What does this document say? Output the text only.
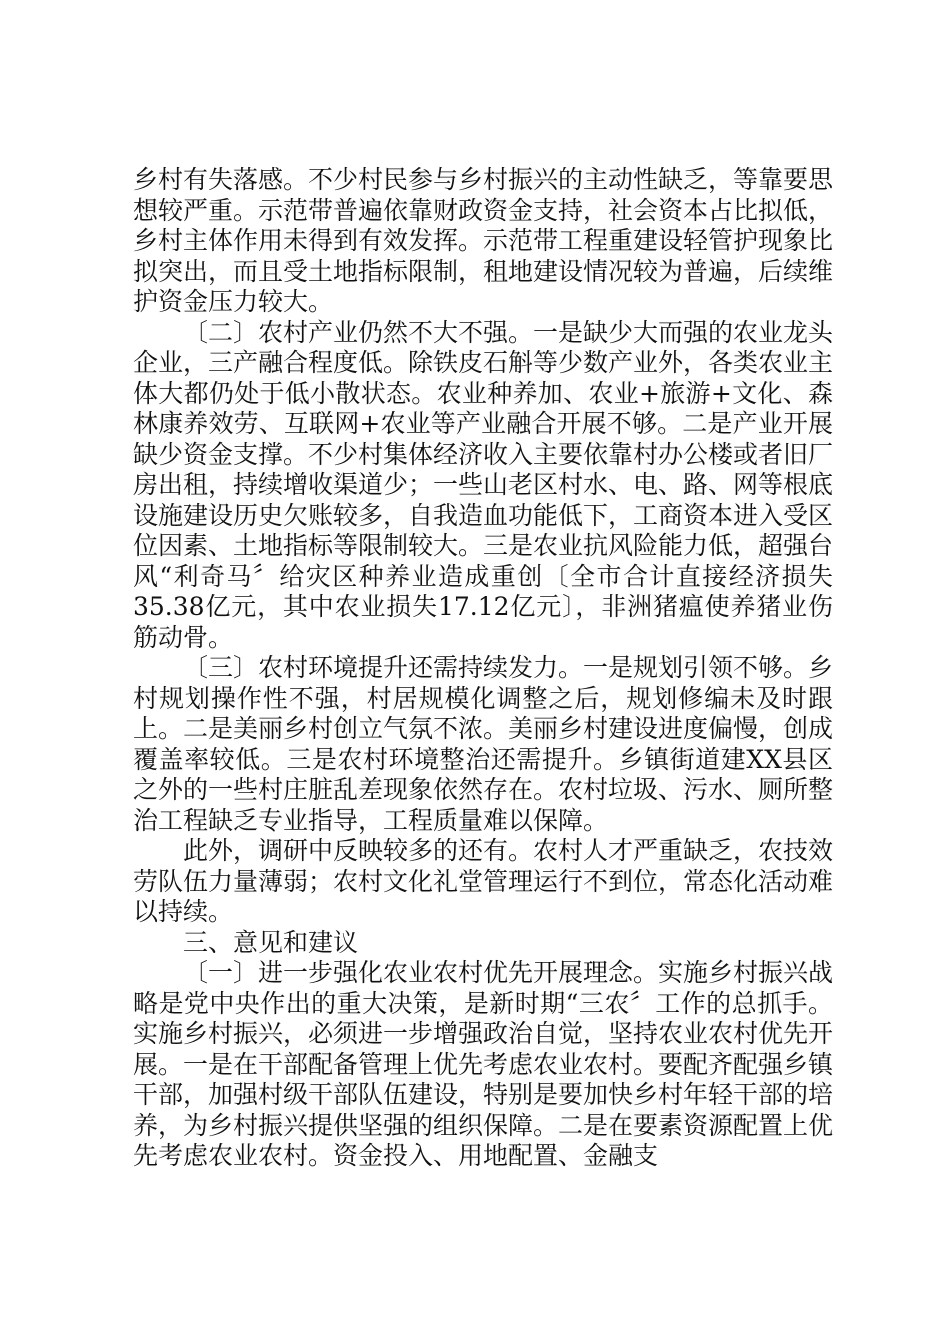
乡村有失落感。不少村民参与乡村振兴的主动性缺乏，等靠要思想较严重。示范带普遍依靠财政资金支持，社会资本占比拟低，乡村主体作用未得到有效发挥。示范带工程重建设轻管护现象比拟突出，而且受土地指标限制，租地建设情况较为普遍，后续维护资金压力较大。

〔二〕农村产业仍然不大不强。一是缺少大而强的农业龙头企业，三产融合程度低。除铁皮石斛等少数产业外，各类农业主体大都仍处于低小散状态。农业种养加、农业+旅游+文化、森林康养效劳、互联网+农业等产业融合开展不够。二是产业开展缺少资金支撑。不少村集体经济收入主要依靠村办公楼或者旧厂房出租，持续增收渠道少；一些山老区村水、电、路、网等根底设施建设历史欠账较多，自我造血功能低下，工商资本进入受区位因素、土地指标等限制较大。三是农业抗风险能力低，超强台风“利奇马〞给灾区种养业造成重创〔全市合计直接经济损失35.38亿元，其中农业损失17.12亿元〕，非洲猪瘟使养猪业伤筋动骨。

〔三〕农村环境提升还需持续发力。一是规划引领不够。乡村规划操作性不强，村居规模化调整之后，规划修编未及时跟上。二是美丽乡村创立气氛不浓。美丽乡村建设进度偏慢，创成覆盖率较低。三是农村环境整治还需提升。乡镇街道建XX县区之外的一些村庄脏乱差现象依然存在。农村垃圾、污水、厕所整治工程缺乏专业指导，工程质量难以保障。

此外，调研中反映较多的还有。农村人才严重缺乏，农技效劳队伍力量薄弱；农村文化礼堂管理运行不到位，常态化活动难以持续。

三、意见和建议

〔一〕进一步强化农业农村优先开展理念。实施乡村振兴战略是党中央作出的重大决策，是新时期“三农〞工作的总抓手。实施乡村振兴，必须进一步增强政治自觉，坚持农业农村优先开展。一是在干部配备管理上优先考虑农业农村。要配齐配强乡镇干部，加强村级干部队伍建设，特别是要加快乡村年轻干部的培养，为乡村振兴提供坚强的组织保障。二是在要素资源配置上优先考虑农业农村。资金投入、用地配置、金融支
